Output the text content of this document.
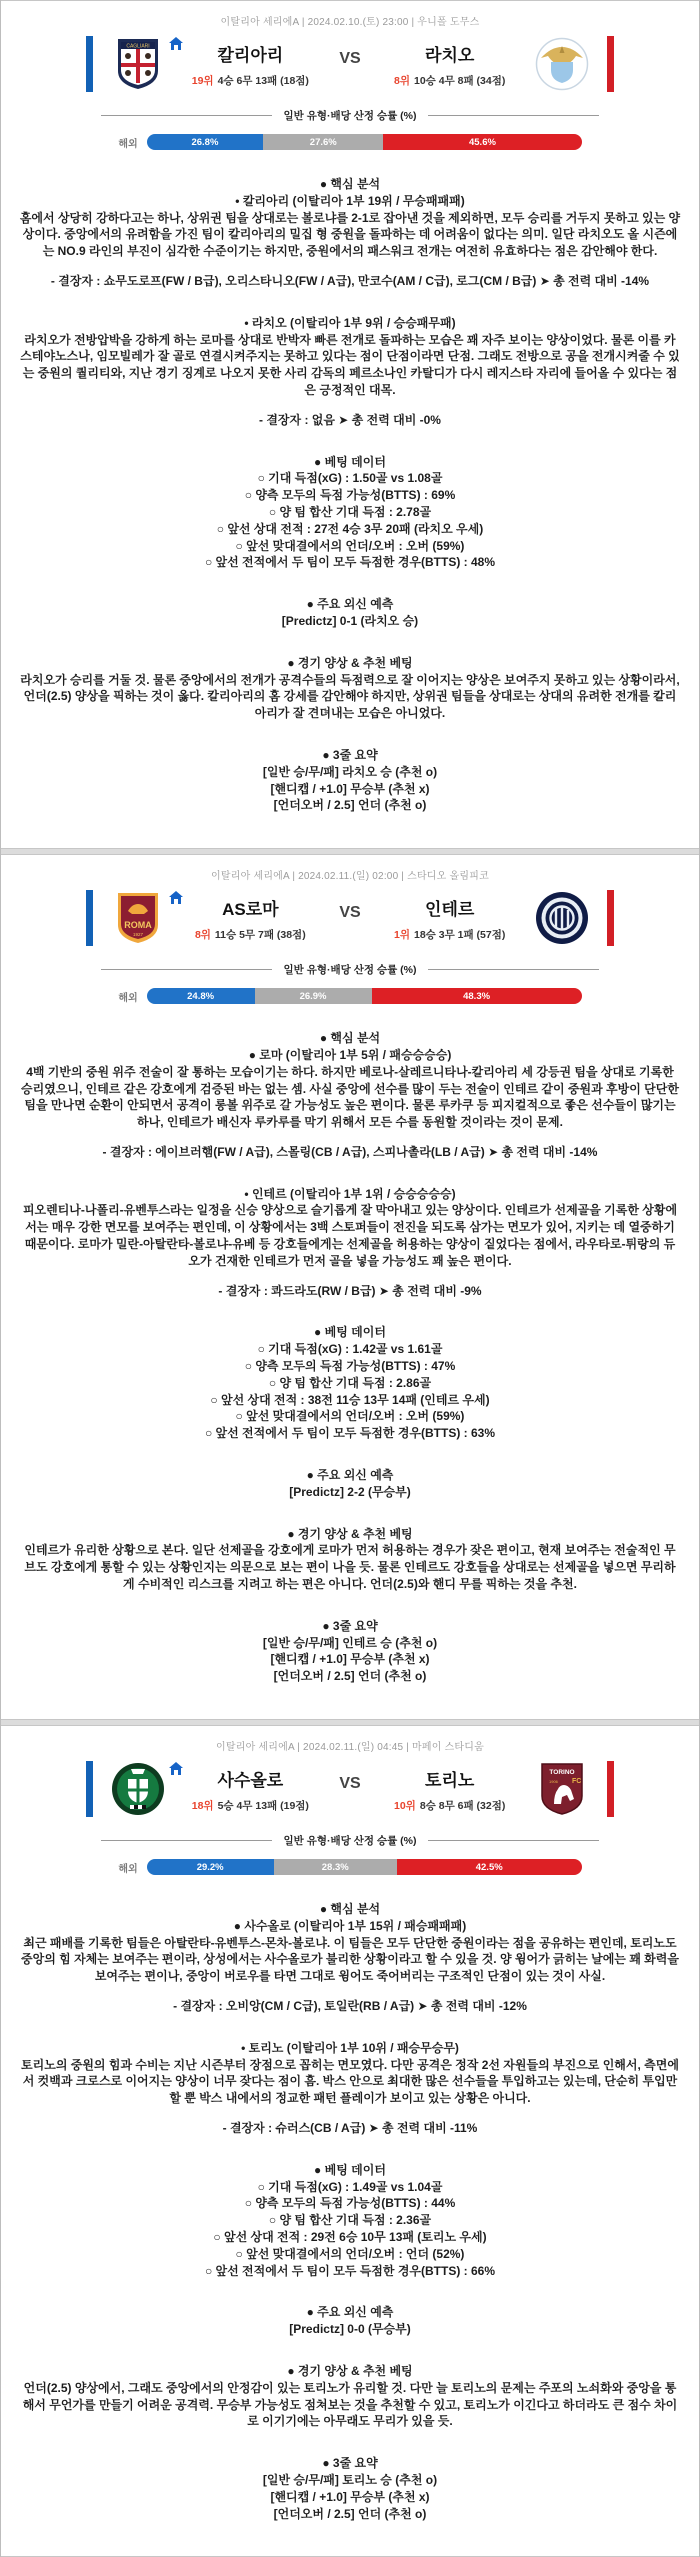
이탈리아 세리에A | 2024.02.10.(토) 23:00 | 우니폴 도무스
CAGLIARI	칼리아리
19위 4승 6무 13패 (18점)
VS	라치오
8위 10승 4무 8패 (34점)
일반 유형·배당 산정 승률 (%)
해외	26.8%	27.6%	45.6%
● 핵심 분석
• 칼리아리 (이탈리아 1부 19위 / 무승패패패)
홈에서 상당히 강하다고는 하나, 상위권 팀을 상대로는 볼로냐를 2-1로 잡아낸 것을 제외하면, 모두 승리를 거두지 못하고 있는 양상이다. 중앙에서의 유려함을 가진 팀이 칼리아리의 밀집 형 중원을 돌파하는 데 어려움이 없다는 의미. 일단 라치오도 올 시즌에는 NO.9 라인의 부진이 심각한 수준이기는 하지만, 중원에서의 패스워크 전개는 여전히 유효하다는 점은 감안해야 한다.
- 결장자 : 쇼무도로프(FW / B급), 오리스타니오(FW / A급), 만코수(AM / C급), 로그(CM / B급) ➤ 총 전력 대비 -14%
• 라치오 (이탈리아 1부 9위 / 승승패무패)
라치오가 전방압박을 강하게 하는 로마를 상대로 반박자 빠른 전개로 돌파하는 모습은 꽤 자주 보이는 양상이었다. 물론 이를 카스테야노스나, 임모빌레가 잘 골로 연결시켜주지는 못하고 있다는 점이 단점이라면 단점. 그래도 전방으로 공을 전개시켜줄 수 있는 중원의 퀄리티와, 지난 경기 징계로 나오지 못한 사리 감독의 페르소나인 카탈디가 다시 레지스타 자리에 들어올 수 있다는 점은 긍정적인 대목.
- 결장자 : 없음 ➤ 총 전력 대비 -0%
● 베팅 데이터
○ 기대 득점(xG) : 1.50골 vs 1.08골
○ 양측 모두의 득점 가능성(BTTS) : 69%
○ 양 팀 합산 기대 득점 : 2.78골
○ 앞선 상대 전적 : 27전 4승 3무 20패 (라치오 우세)
○ 앞선 맞대결에서의 언더/오버 : 오버 (59%)
○ 앞선 전적에서 두 팀이 모두 득점한 경우(BTTS) : 48%
● 주요 외신 예측
[Predictz] 0-1 (라치오 승)
● 경기 양상 & 추천 베팅
라치오가 승리를 거둘 것. 물론 중앙에서의 전개가 공격수들의 득점력으로 잘 이어지는 양상은 보여주지 못하고 있는 상황이라서, 언더(2.5) 양상을 픽하는 것이 옳다. 칼리아리의 홈 강세를 감안해야 하지만, 상위권 팀들을 상대로는 상대의 유려한 전개를 칼리아리가 잘 견뎌내는 모습은 아니었다.
● 3줄 요약
[일반 승/무/패] 라치오 승 (추천 o)
[핸디캡 / +1.0] 무승부 (추천 x)
[언더오버 / 2.5] 언더 (추천 o)
이탈리아 세리에A | 2024.02.11.(일) 02:00 | 스타디오 올림피코
ROMA
1927
AS로마
8위 11승 5무 7패 (38점)
VS	인테르
1위 18승 3무 1패 (57점)
일반 유형·배당 산정 승률 (%)
해외	24.8%	26.9%	48.3%
● 핵심 분석
● 로마 (이탈리아 1부 5위 / 패승승승승)
4백 기반의 중원 위주 전술이 잘 통하는 모습이기는 하다. 하지만 베로나-살레르니타나-칼리아리 세 강등권 팀을 상대로 기록한 승리였으니, 인테르 같은 강호에게 검증된 바는 없는 셈. 사실 중앙에 선수를 많이 두는 전술이 인테르 같이 중원과 후방이 단단한 팀을 만나면 순환이 안되면서 공격이 롱볼 위주로 갈 가능성도 높은 편이다. 물론 루카쿠 등 피지컬적으로 좋은 선수들이 많기는 하나, 인테르가 배신자 루카루를 막기 위해서 모든 수를 동원할 것이라는 것이 문제.
- 결장자 : 에이브러햄(FW / A급), 스몰링(CB / A급), 스피나촐라(LB / A급) ➤ 총 전력 대비 -14%
• 인테르 (이탈리아 1부 1위 / 승승승승승)
피오렌티나-나폴리-유벤투스라는 일정을 신승 양상으로 슬기롭게 잘 막아내고 있는 양상이다. 인테르가 선제골을 기록한 상황에서는 매우 강한 면모를 보여주는 편인데, 이 상황에서는 3백 스토퍼들이 전진을 되도록 삼가는 면모가 있어, 지키는 데 열중하기 때문이다. 로마가 밀란-아탈란타-볼로냐-유베 등 강호들에게는 선제골을 허용하는 양상이 짙었다는 점에서, 라우타로-튀랑의 듀오가 건재한 인테르가 먼저 골을 넣을 가능성도 꽤 높은 편이다.
- 결장자 : 콰드라도(RW / B급) ➤ 총 전력 대비 -9%
● 베팅 데이터
○ 기대 득점(xG) : 1.42골 vs 1.61골
○ 양측 모두의 득점 가능성(BTTS) : 47%
○ 양 팀 합산 기대 득점 : 2.86골
○ 앞선 상대 전적 : 38전 11승 13무 14패 (인테르 우세)
○ 앞선 맞대결에서의 언더/오버 : 오버 (59%)
○ 앞선 전적에서 두 팀이 모두 득점한 경우(BTTS) : 63%
● 주요 외신 예측
[Predictz] 2-2 (무승부)
● 경기 양상 & 추천 베팅
인테르가 유리한 상황으로 본다. 일단 선제골을 강호에게 로마가 먼저 허용하는 경우가 잦은 편이고, 현재 보여주는 전술적인 무브도 강호에게 통할 수 있는 상황인지는 의문으로 보는 편이 나을 듯. 물론 인테르도 강호들을 상대로는 선제골을 넣으면 무리하게 수비적인 리스크를 지려고 하는 편은 아니다. 언더(2.5)와 핸디 무를 픽하는 것을 추천.
● 3줄 요약
[일반 승/무/패] 인테르 승 (추천 o)
[핸디캡 / +1.0] 무승부 (추천 x)
[언더오버 / 2.5] 언더 (추천 o)
이탈리아 세리에A | 2024.02.11.(일) 04:45 | 마페이 스타디움
사수올로
18위 5승 4무 13패 (19점)
VS	토리노
10위 8승 8무 6패 (32점)
TORINO
FC
1906
일반 유형·배당 산정 승률 (%)
해외	29.2%	28.3%	42.5%
● 핵심 분석
● 사수올로 (이탈리아 1부 15위 / 패승패패패)
최근 패배를 기록한 팀들은 아탈란타-유벤투스-몬차-볼로냐. 이 팀들은 모두 단단한 중원이라는 점을 공유하는 편인데, 토리노도 중앙의 힘 자체는 보여주는 편이라, 상성에서는 사수올로가 불리한 상황이라고 할 수 있을 것. 양 윙어가 긁히는 날에는 꽤 화력을 보여주는 편이나, 중앙이 버로우를 타면 그대로 윙어도 죽어버리는 구조적인 단점이 있는 것이 사실.
- 결장자 : 오비앙(CM / C급), 토일란(RB / A급) ➤ 총 전력 대비 -12%
• 토리노 (이탈리아 1부 10위 / 패승무승무)
토리노의 중원의 힘과 수비는 지난 시즌부터 장점으로 꼽히는 면모였다. 다만 공격은 정작 2선 자원들의 부진으로 인해서, 측면에서 컷백과 크로스로 이어지는 양상이 너무 잦다는 점이 흠. 박스 안으로 최대한 많은 선수들을 투입하고는 있는데, 단순히 투입만 할 뿐 박스 내에서의 정교한 패턴 플레이가 보이고 있는 상황은 아니다.
- 결장자 : 슈러스(CB / A급) ➤ 총 전력 대비 -11%
● 베팅 데이터
○ 기대 득점(xG) : 1.49골 vs 1.04골
○ 양측 모두의 득점 가능성(BTTS) : 44%
○ 양 팀 합산 기대 득점 : 2.36골
○ 앞선 상대 전적 : 29전 6승 10무 13패 (토리노 우세)
○ 앞선 맞대결에서의 언더/오버 : 언더 (52%)
○ 앞선 전적에서 두 팀이 모두 득점한 경우(BTTS) : 66%
● 주요 외신 예측
[Predictz] 0-0 (무승부)
● 경기 양상 & 추천 베팅
언더(2.5) 양상에서, 그래도 중앙에서의 안정감이 있는 토리노가 유리할 것. 다만 늘 토리노의 문제는 주포의 노쇠화와 중앙을 통해서 무언가를 만들기 어려운 공격력. 무승부 가능성도 점쳐보는 것을 추천할 수 있고, 토리노가 이긴다고 하더라도 큰 점수 차이로 이기기에는 아무래도 무리가 있을 듯.
● 3줄 요약
[일반 승/무/패] 토리노 승 (추천 o)
[핸디캡 / +1.0] 무승부 (추천 x)
[언더오버 / 2.5] 언더 (추천 o)
